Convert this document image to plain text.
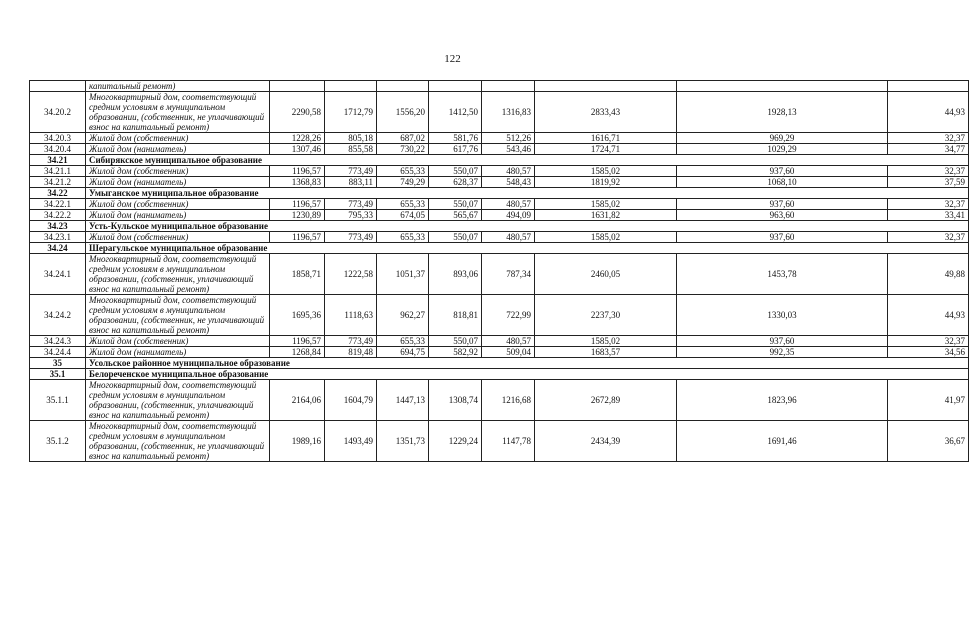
122
	капитальный ремонт)								
34.20.2	Многоквартирный дом, соответствующий средним условиям в муниципальном образовании, (собственник, не уплачивающий взнос на капитальный ремонт)	2290,58	1712,79	1556,20	1412,50	1316,83	2833,43	1928,13	44,93
34.20.3	Жилой дом (собственник)	1228,26	805,18	687,02	581,76	512,26	1616,71	969,29	32,37
34.20.4	Жилой дом (наниматель)	1307,46	855,58	730,22	617,76	543,46	1724,71	1029,29	34,77
34.21	Сибирякское муниципальное образование								
34.21.1	Жилой дом (собственник)	1196,57	773,49	655,33	550,07	480,57	1585,02	937,60	32,37
34.21.2	Жилой дом (наниматель)	1368,83	883,11	749,29	628,37	548,43	1819,92	1068,10	37,59
34.22	Умыганское муниципальное образование								
34.22.1	Жилой дом (собственник)	1196,57	773,49	655,33	550,07	480,57	1585,02	937,60	32,37
34.22.2	Жилой дом (наниматель)	1230,89	795,33	674,05	565,67	494,09	1631,82	963,60	33,41
34.23	Усть-Кульское муниципальное образование								
34.23.1	Жилой дом (собственник)	1196,57	773,49	655,33	550,07	480,57	1585,02	937,60	32,37
34.24	Шерагульское муниципальное образование								
34.24.1	Многоквартирный дом, соответствующий средним условиям в муниципальном образовании, (собственник, уплачивающий взнос на капитальный ремонт)	1858,71	1222,58	1051,37	893,06	787,34	2460,05	1453,78	49,88
34.24.2	Многоквартирный дом, соответствующий средним условиям в муниципальном образовании, (собственник, не уплачивающий взнос на капитальный ремонт)	1695,36	1118,63	962,27	818,81	722,99	2237,30	1330,03	44,93
34.24.3	Жилой дом (собственник)	1196,57	773,49	655,33	550,07	480,57	1585,02	937,60	32,37
34.24.4	Жилой дом (наниматель)	1268,84	819,48	694,75	582,92	509,04	1683,57	992,35	34,56
35	Усольское районное муниципальное образование								
35.1	Белореченское муниципальное образование								
35.1.1	Многоквартирный дом, соответствующий средним условиям в муниципальном образовании, (собственник, уплачивающий взнос на капитальный ремонт)	2164,06	1604,79	1447,13	1308,74	1216,68	2672,89	1823,96	41,97
35.1.2	Многоквартирный дом, соответствующий средним условиям в муниципальном образовании, (собственник, не уплачивающий взнос на капитальный ремонт)	1989,16	1493,49	1351,73	1229,24	1147,78	2434,39	1691,46	36,67
